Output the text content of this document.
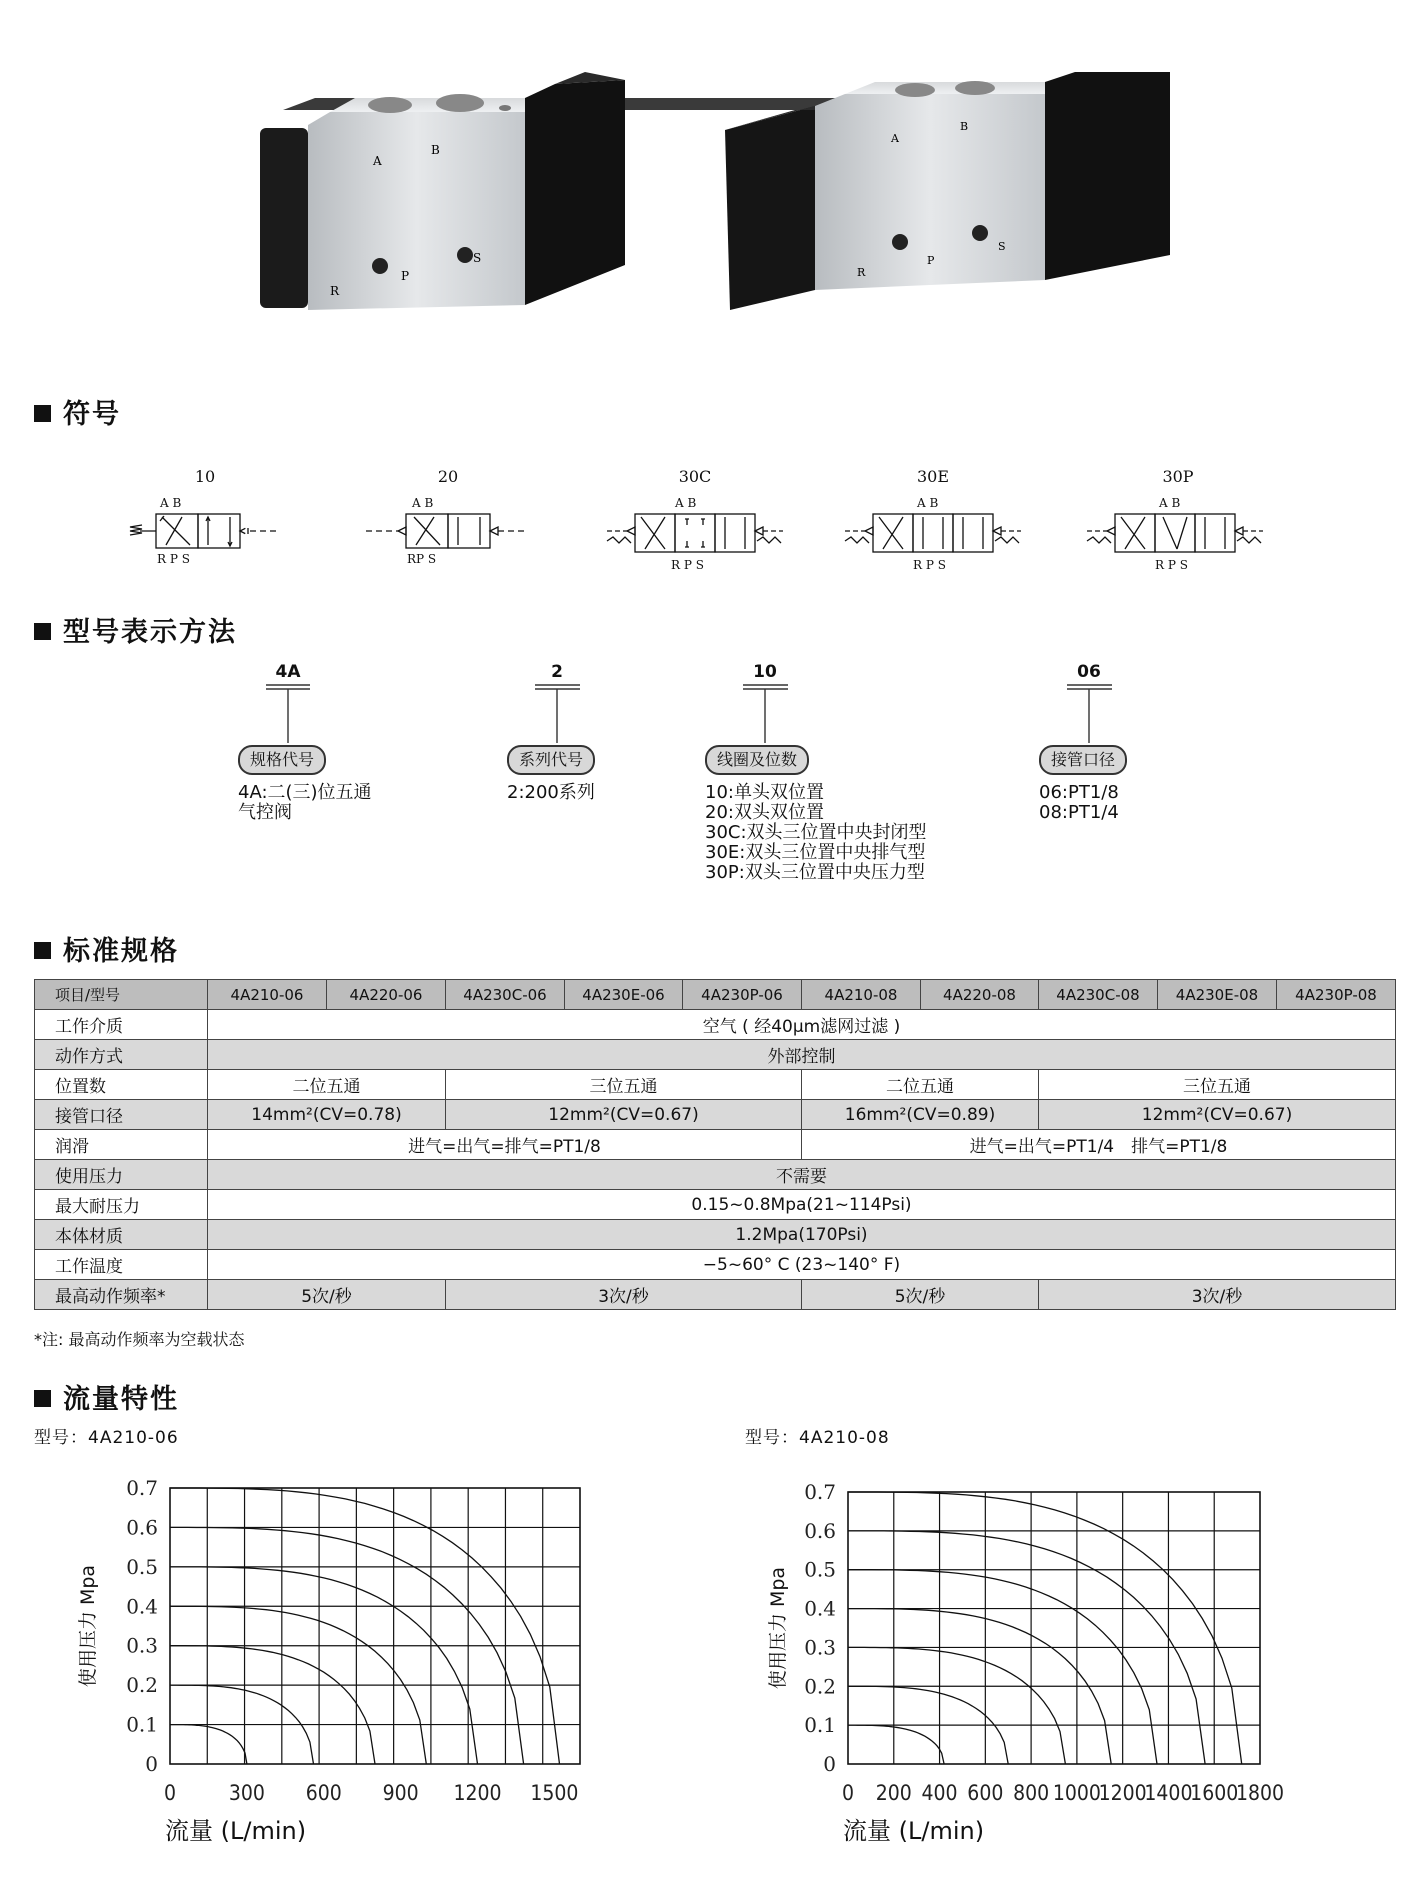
A
B
R
P
S
A
B
R
P
S
符号
10	20	30C	30E	30P
A B
R P S
A B
RP S
A B
R P S
A B
R P S
A B
R P S
型号表示方法
4A	2	10	06
规格代号	系列代号	线圈及位数	接管口径
4A:二(三)位五通
气控阀
2:200系列	10:单头双位置
20:双头双位置
30C:双头三位置中央封闭型
30E:双头三位置中央排气型
30P:双头三位置中央压力型
06:PT1/8
08:PT1/4
标准规格
项目/型号	4A210-06	4A220-06	4A230C-06	4A230E-06	4A230P-06	4A210-08	4A220-08	4A230C-08	4A230E-08	4A230P-08
工作介质	空气 ( 经40μm滤网过滤 )									
动作方式	外部控制									
位置数	二位五通		三位五通			二位五通		三位五通		
接管口径	14mm²(CV=0.78)		12mm²(CV=0.67)			16mm²(CV=0.89)		12mm²(CV=0.67)		
润滑	进气=出气=排气=PT1/8					进气=出气=PT1/4　排气=PT1/8				
使用压力	不需要									
最大耐压力	0.15~0.8Mpa(21~114Psi)									
本体材质	1.2Mpa(170Psi)									
工作温度	−5~60° C (23~140° F)									
最高动作频率*	5次/秒		3次/秒			5次/秒		3次/秒		
*注: 最高动作频率为空载状态
流量特性
型号：4A210-06	型号：4A210-08
0
0.1
0.2
0.3
0.4
0.5
0.6
0.7
0	300 600 900 1200 1500
使用压力 Mpa
流量 (L/min)
0
0.1
0.2
0.3
0.4
0.5
0.6
0.7
0 200 400 600 800 1000
1200
1400
1600
1800
使用压力 Mpa
流量 (L/min)
